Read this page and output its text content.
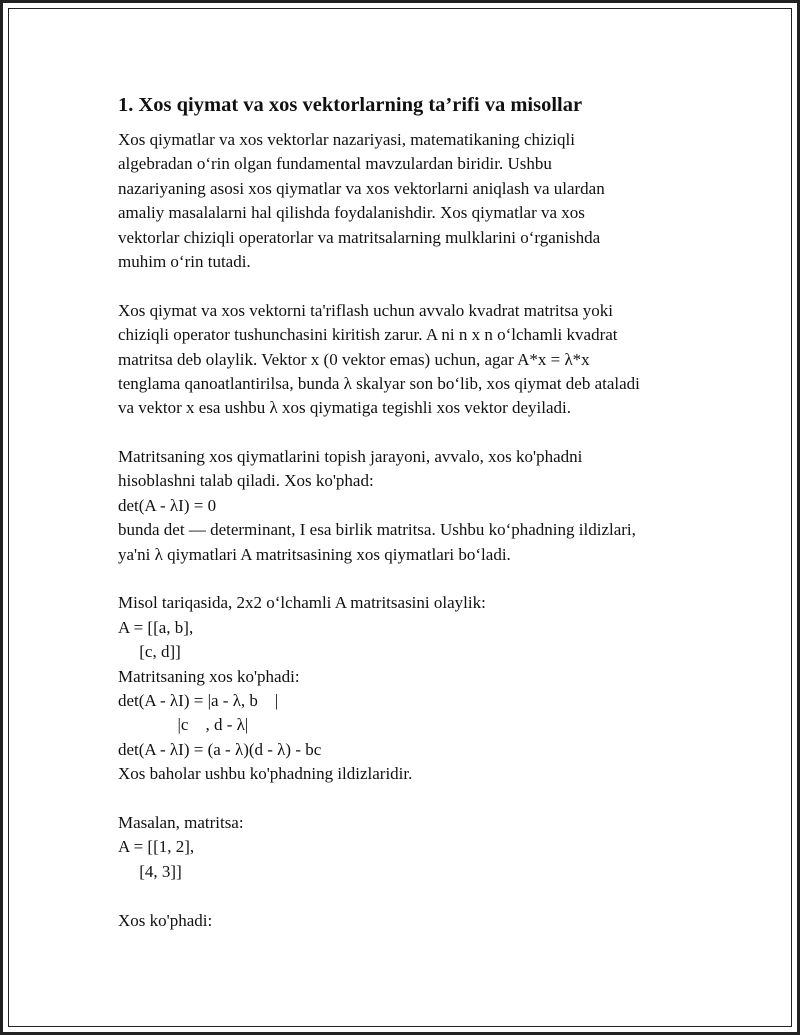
1. Xos qiymat va xos vektorlarning ta’rifi va misollar
Xos qiymatlar va xos vektorlar nazariyasi, matematikaning chiziqli
algebradan o‘rin olgan fundamental mavzulardan biridir. Ushbu
nazariyaning asosi xos qiymatlar va xos vektorlarni aniqlash va ulardan
amaliy masalalarni hal qilishda foydalanishdir. Xos qiymatlar va xos
vektorlar chiziqli operatorlar va matritsalarning mulklarini o‘rganishda
muhim o‘rin tutadi.
Xos qiymat va xos vektorni ta'riflash uchun avvalo kvadrat matritsa yoki
chiziqli operator tushunchasini kiritish zarur. A ni n x n o‘lchamli kvadrat
matritsa deb olaylik. Vektor x (0 vektor emas) uchun, agar A*x = λ*x
tenglama qanoatlantirilsa, bunda λ skalyar son bo‘lib, xos qiymat deb ataladi
va vektor x esa ushbu λ xos qiymatiga tegishli xos vektor deyiladi.
Matritsaning xos qiymatlarini topish jarayoni, avvalo, xos ko'phadni
hisoblashni talab qiladi. Xos ko'phad:
det(A - λI) = 0
bunda det — determinant, I esa birlik matritsa. Ushbu ko‘phadning ildizlari,
ya'ni λ qiymatlari A matritsasining xos qiymatlari bo‘ladi.
Misol tariqasida, 2x2 o‘lchamli A matritsasini olaylik:
A = [[a, b],
[c, d]]
Matritsaning xos ko'phadi:
det(A - λI) = |a - λ, b    |
|c    , d - λ|
det(A - λI) = (a - λ)(d - λ) - bc
Xos baholar ushbu ko'phadning ildizlaridir.
Masalan, matritsa:
A = [[1, 2],
[4, 3]]
Xos ko'phadi:
